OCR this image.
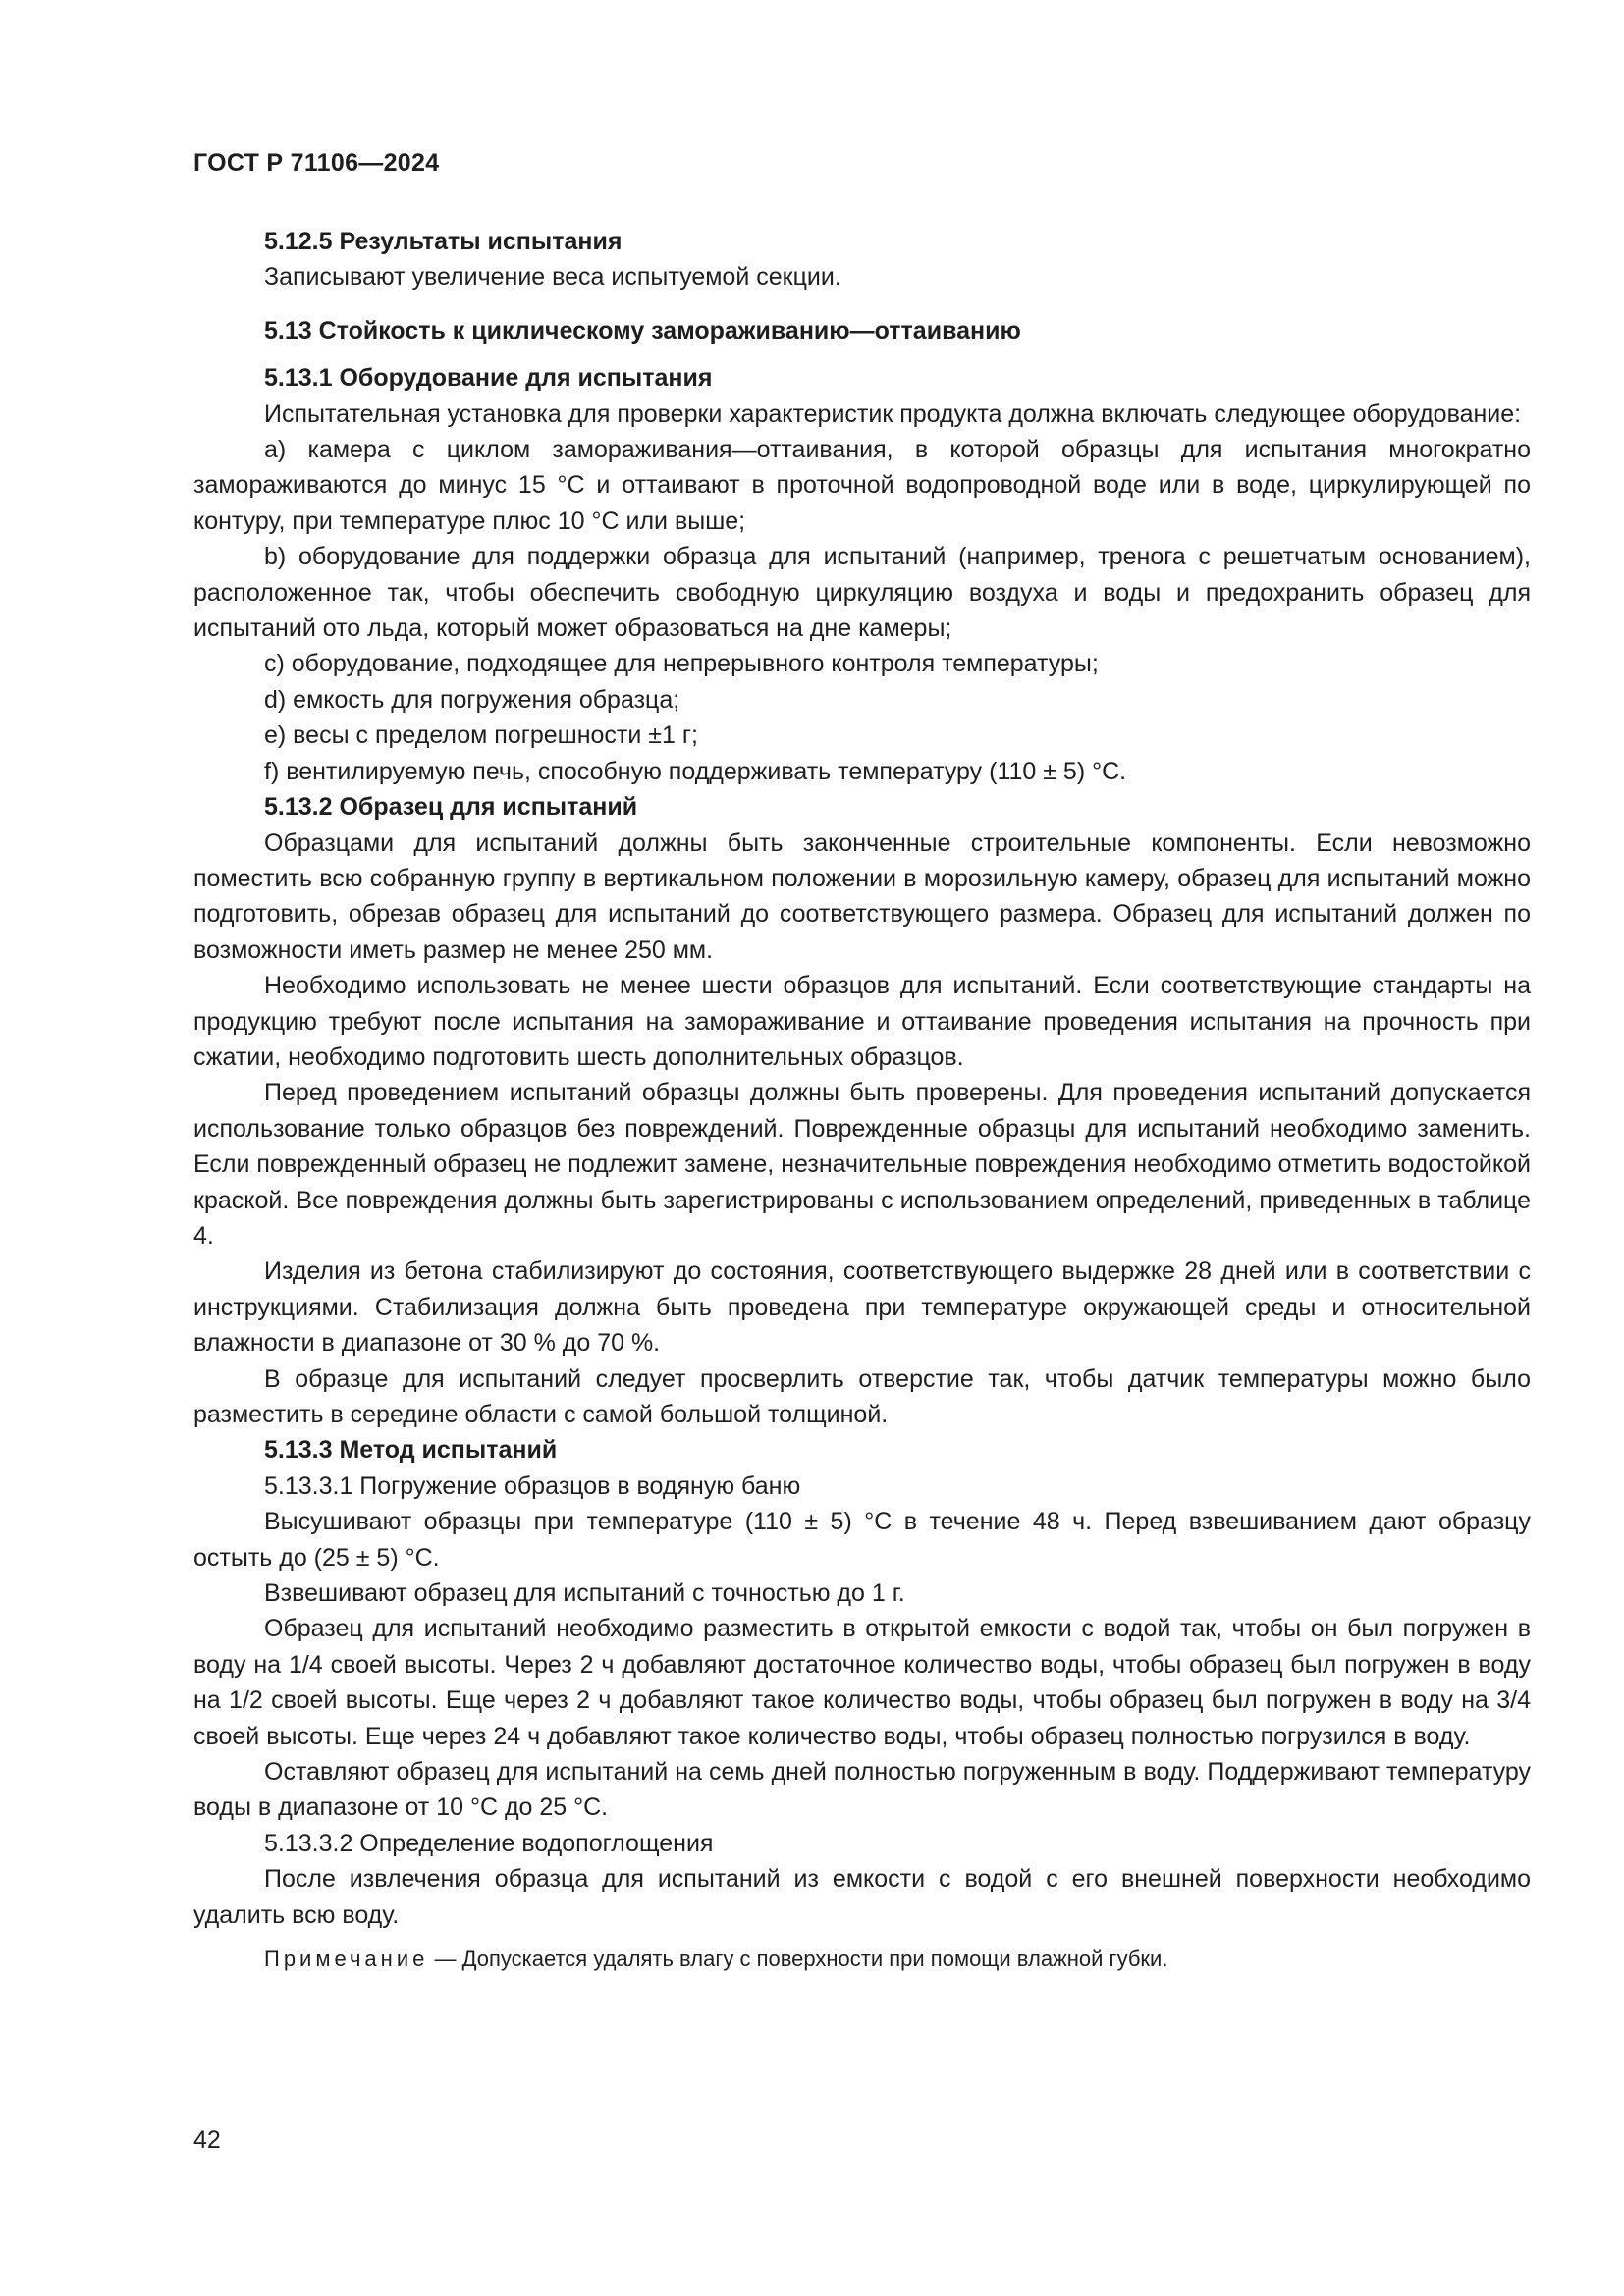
ГОСТ Р 71106—2024

5.12.5 Результаты испытания

Записывают увеличение веса испытуемой секции.

5.13 Стойкость к циклическому замораживанию—оттаиванию

5.13.1 Оборудование для испытания

Испытательная установка для проверки характеристик продукта должна включать следующее оборудование:

а) камера с циклом замораживания—оттаивания, в которой образцы для испытания многократно замораживаются до минус 15 °С и оттаивают в проточной водопроводной воде или в воде, циркулирующей по контуру, при температуре плюс 10 °С или выше;

b) оборудование для поддержки образца для испытаний (например, тренога с решетчатым основанием), расположенное так, чтобы обеспечить свободную циркуляцию воздуха и воды и предохранить образец для испытаний ото льда, который может образоваться на дне камеры;

с) оборудование, подходящее для непрерывного контроля температуры;

d) емкость для погружения образца;

е) весы с пределом погрешности ±1 г;

f) вентилируемую печь, способную поддерживать температуру (110 ± 5) °С.

5.13.2 Образец для испытаний

Образцами для испытаний должны быть законченные строительные компоненты. Если невозможно поместить всю собранную группу в вертикальном положении в морозильную камеру, образец для испытаний можно подготовить, обрезав образец для испытаний до соответствующего размера. Образец для испытаний должен по возможности иметь размер не менее 250 мм.

Необходимо использовать не менее шести образцов для испытаний. Если соответствующие стандарты на продукцию требуют после испытания на замораживание и оттаивание проведения испытания на прочность при сжатии, необходимо подготовить шесть дополнительных образцов.

Перед проведением испытаний образцы должны быть проверены. Для проведения испытаний допускается использование только образцов без повреждений. Поврежденные образцы для испытаний необходимо заменить. Если поврежденный образец не подлежит замене, незначительные повреждения необходимо отметить водостойкой краской. Все повреждения должны быть зарегистрированы с использованием определений, приведенных в таблице 4.

Изделия из бетона стабилизируют до состояния, соответствующего выдержке 28 дней или в соответствии с инструкциями. Стабилизация должна быть проведена при температуре окружающей среды и относительной влажности в диапазоне от 30 % до 70 %.

В образце для испытаний следует просверлить отверстие так, чтобы датчик температуры можно было разместить в середине области с самой большой толщиной.

5.13.3 Метод испытаний

5.13.3.1 Погружение образцов в водяную баню

Высушивают образцы при температуре (110 ± 5) °С в течение 48 ч. Перед взвешиванием дают образцу остыть до (25 ± 5) °С.

Взвешивают образец для испытаний с точностью до 1 г.

Образец для испытаний необходимо разместить в открытой емкости с водой так, чтобы он был погружен в воду на 1/4 своей высоты. Через 2 ч добавляют достаточное количество воды, чтобы образец был погружен в воду на 1/2 своей высоты. Еще через 2 ч добавляют такое количество воды, чтобы образец был погружен в воду на 3/4 своей высоты. Еще через 24 ч добавляют такое количество воды, чтобы образец полностью погрузился в воду.

Оставляют образец для испытаний на семь дней полностью погруженным в воду. Поддерживают температуру воды в диапазоне от 10 °С до 25 °С.

5.13.3.2 Определение водопоглощения

После извлечения образца для испытаний из емкости с водой с его внешней поверхности необходимо удалить всю воду.

Примечание — Допускается удалять влагу с поверхности при помощи влажной губки.

42
